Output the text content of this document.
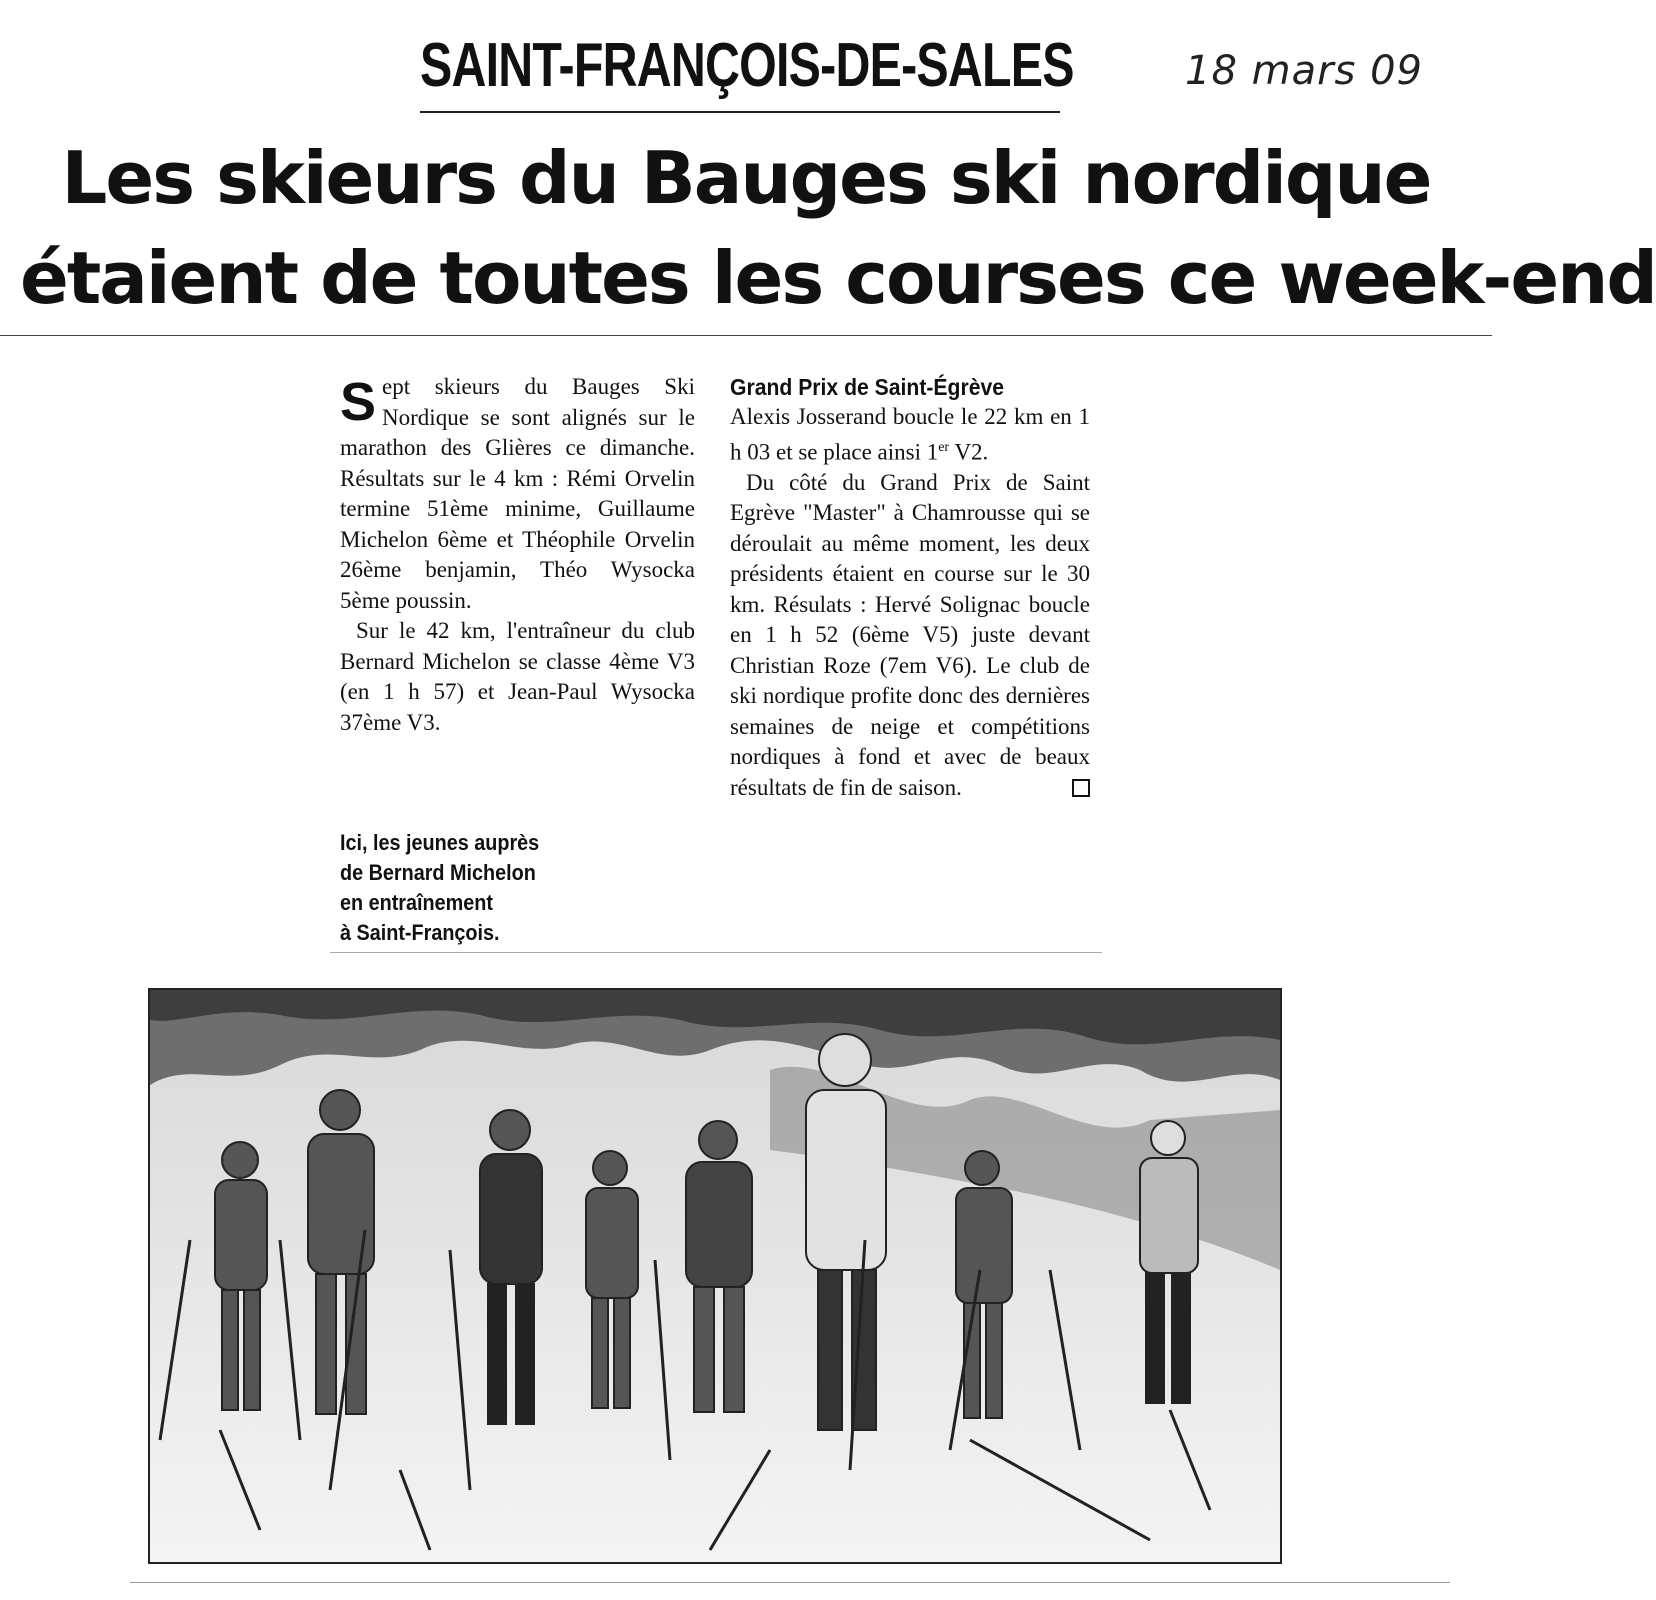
SAINT-FRANÇOIS-DE-SALES	18 mars 09
Les skieurs du Bauges ski nordique
étaient de toutes les courses ce week-end

Sept skieurs du Bauges Ski Nordique se sont alignés sur le marathon des Glières ce dimanche. Résultats sur le 4 km : Rémi Orvelin termine 51ème minime, Guillaume Michelon 6ème et Théophile Orvelin 26ème benjamin, Théo Wysocka 5ème poussin.

Sur le 42 km, l'entraîneur du club Bernard Michelon se classe 4ème V3 (en 1 h 57) et Jean-Paul Wysocka 37ème V3.

Ici, les jeunes auprès
de Bernard Michelon
en entraînement
à Saint-François.
Grand Prix de Saint-Égrève

Alexis Josserand boucle le 22 km en 1 h 03 et se place ainsi 1er V2.

Du côté du Grand Prix de Saint Egrève "Master" à Chamrousse qui se déroulait au même moment, les deux présidents étaient en course sur le 30 km. Résulats : Hervé Solignac boucle en 1 h 52 (6ème V5) juste devant Christian Roze (7em V6). Le club de ski nordique profite donc des dernières semaines de neige et compétitions nordiques à fond et avec de beaux résultats de fin de saison.
